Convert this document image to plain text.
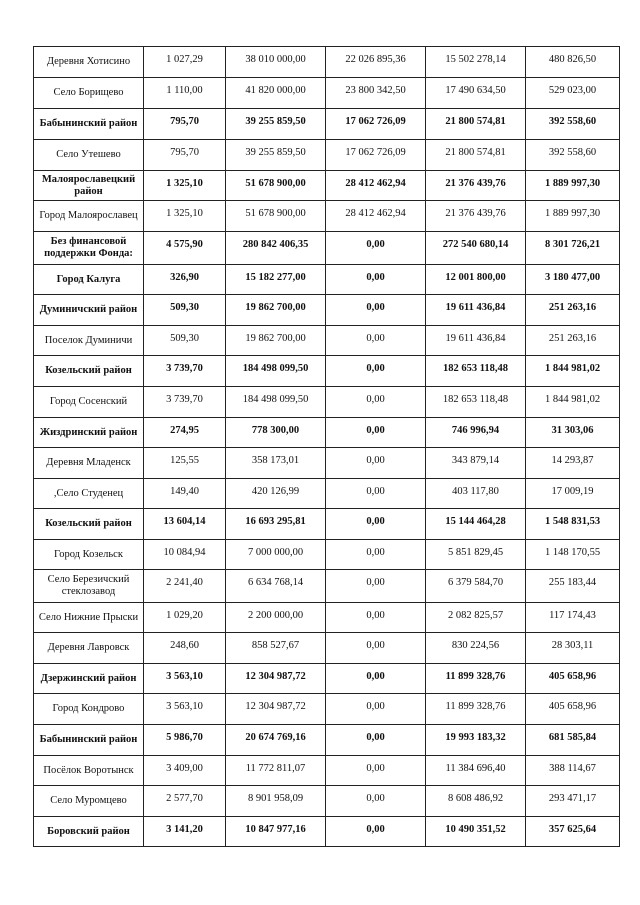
Деревня Хотисино	1 027,29	38 010 000,00	22 026 895,36	15 502 278,14	480 826,50
Село Борищево	1 110,00	41 820 000,00	23 800 342,50	17 490 634,50	529 023,00
Бабынинский район	795,70	39 255 859,50	17 062 726,09	21 800 574,81	392 558,60
Село Утешево	795,70	39 255 859,50	17 062 726,09	21 800 574,81	392 558,60
Малоярославецкий район	1 325,10	51 678 900,00	28 412 462,94	21 376 439,76	1 889 997,30
Город Малоярославец	1 325,10	51 678 900,00	28 412 462,94	21 376 439,76	1 889 997,30
Без финансовой поддержки Фонда:	4 575,90	280 842 406,35	0,00	272 540 680,14	8 301 726,21
Город Калуга	326,90	15 182 277,00	0,00	12 001 800,00	3 180 477,00
Думиничский район	509,30	19 862 700,00	0,00	19 611 436,84	251 263,16
Поселок Думиничи	509,30	19 862 700,00	0,00	19 611 436,84	251 263,16
Козельский район	3 739,70	184 498 099,50	0,00	182 653 118,48	1 844 981,02
Город Сосенский	3 739,70	184 498 099,50	0,00	182 653 118,48	1 844 981,02
Жиздринский район	274,95	778 300,00	0,00	746 996,94	31 303,06
Деревня Младенск	125,55	358 173,01	0,00	343 879,14	14 293,87
,Село Студенец	149,40	420 126,99	0,00	403 117,80	17 009,19
Козельский район	13 604,14	16 693 295,81	0,00	15 144 464,28	1 548 831,53
Город Козельск	10 084,94	7 000 000,00	0,00	5 851 829,45	1 148 170,55
Село Березичский стеклозавод	2 241,40	6 634 768,14	0,00	6 379 584,70	255 183,44
Село Нижние Прыски	1 029,20	2 200 000,00	0,00	2 082 825,57	117 174,43
Деревня Лавровск	248,60	858 527,67	0,00	830 224,56	28 303,11
Дзержинский район	3 563,10	12 304 987,72	0,00	11 899 328,76	405 658,96
Город Кондрово	3 563,10	12 304 987,72	0,00	11 899 328,76	405 658,96
Бабынинский район	5 986,70	20 674 769,16	0,00	19 993 183,32	681 585,84
Посёлок Воротынск	3 409,00	11 772 811,07	0,00	11 384 696,40	388 114,67
Село Муромцево	2 577,70	8 901 958,09	0,00	8 608 486,92	293 471,17
Боровский район	3 141,20	10 847 977,16	0,00	10 490 351,52	357 625,64
